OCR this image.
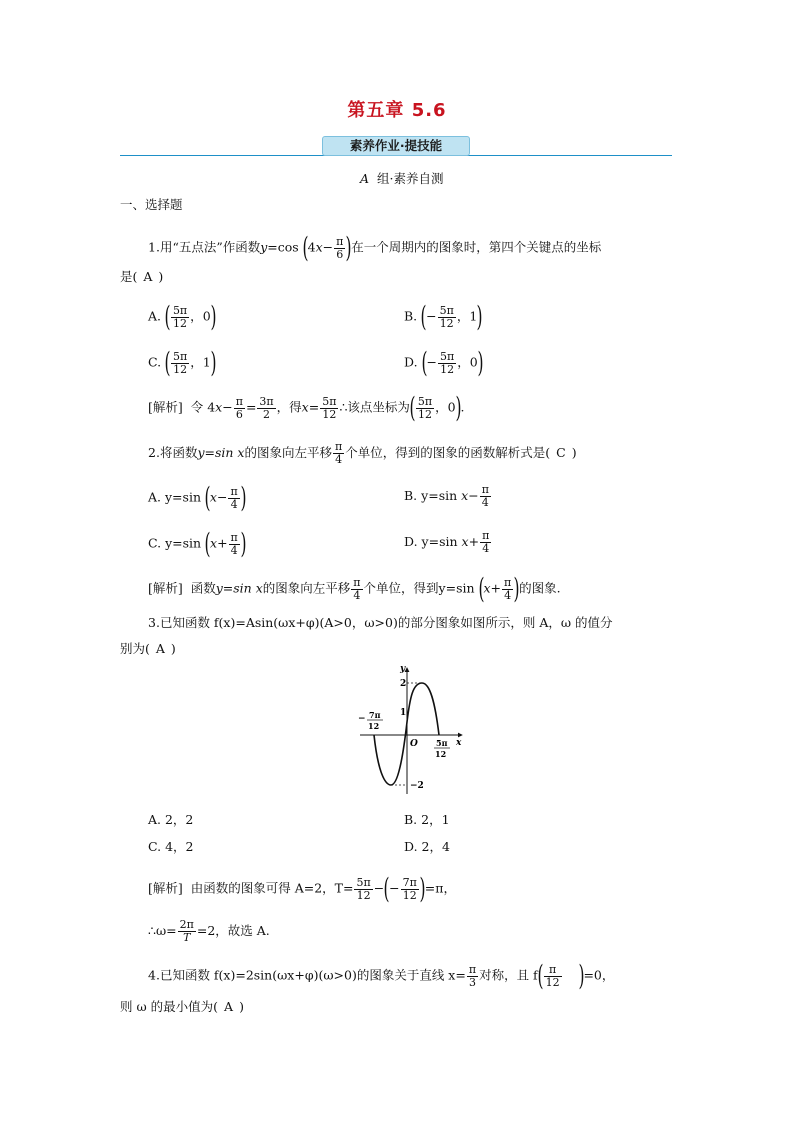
第五章 5.6
素养作业·提技能
A 组·素养自测
一、选择题
1.用“五点法”作函数y=cos ($4x- \frac{\pi}{6}$ )在一个周期内的图象时，第四个关键点的坐标
是( A )
A. ( $\frac{5\pi}{12}$ ，0)	B. (− $\frac{5\pi}{12}$ ，1)
C. ( $\frac{5\pi}{12}$ ，1)	D. (− $\frac{5\pi}{12}$ ，0)
[解析] 令 $4x- \frac{\pi}{6} = \frac{3\pi}{2}$ ，得$x= \frac{5\pi}{12}$ ∴该点坐标为( $\frac{5\pi}{12}$ ，0).
2.将函数y=sin x的图象向左平移 $\frac{\pi}{4}$ 个单位，得到的图象的函数解析式是( C )
A. y=sin ($x- \frac{\pi}{4}$ )	B. y=sin $x- \frac{\pi}{4}$
C. y=sin ($x+ \frac{\pi}{4}$ )	D. y=sin $x+ \frac{\pi}{4}$
[解析] 函数y=sin x的图象向左平移 $\frac{\pi}{4}$ 个单位，得到y=sin ($x+ \frac{\pi}{4}$ )的图象.
3.已知函数 f(x)=Asin(ωx+φ)(A>0，ω>0)的部分图象如图所示，则 A，ω 的值分
别为( A )
y
x
O
2
1
−2
− 7π
12
5π
12
A. 2，2	B. 2，1
C. 4，2	D. 2，4
[解析] 由函数的图象可得 A=2，$T= \frac{5\pi}{12}$ −(− $\frac{7\pi}{12} )=\pi$，
∴ω= $\frac{2\pi}{T} =2$，故选 A.
4.已知函数 f(x)=2sin(ωx+φ)(ω>0)的图象关于直线 $x= \frac{\pi}{3}$ 对称，且 $f( \frac{\pi}{12} )=0$，
则 ω 的最小值为( A )
